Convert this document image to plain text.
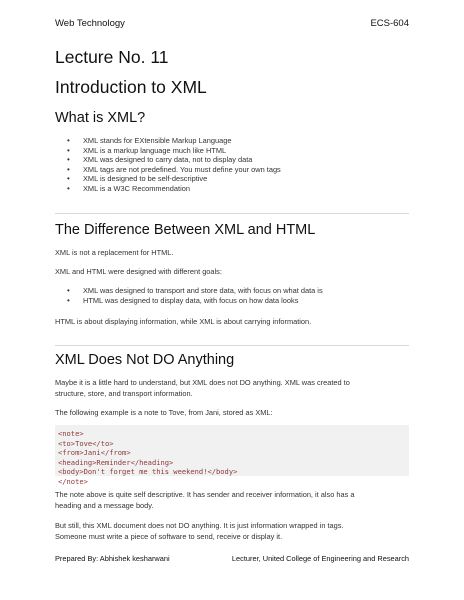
Web Technology	ECS-604
Lecture No. 11
Introduction to XML
What is XML?
• XML stands for EXtensible Markup Language
• XML is a markup language much like HTML
• XML was designed to carry data, not to display data
• XML tags are not predefined. You must define your own tags
• XML is designed to be self-descriptive
• XML is a W3C Recommendation
The Difference Between XML and HTML
XML is not a replacement for HTML.
XML and HTML were designed with different goals:
• XML was designed to transport and store data, with focus on what data is
• HTML was designed to display data, with focus on how data looks
HTML is about displaying information, while XML is about carrying information.
XML Does Not DO Anything
Maybe it is a little hard to understand, but XML does not DO anything. XML was created to
structure, store, and transport information.
The following example is a note to Tove, from Jani, stored as XML:
<note>
<to>Tove</to>
<from>Jani</from>
<heading>Reminder</heading>
<body>Don't forget me this weekend!</body>
</note>
The note above is quite self descriptive. It has sender and receiver information, it also has a
heading and a message body.
But still, this XML document does not DO anything. It is just information wrapped in tags.
Someone must write a piece of software to send, receive or display it.
Prepared By: Abhishek kesharwani	Lecturer, United College of Engineering and Research
